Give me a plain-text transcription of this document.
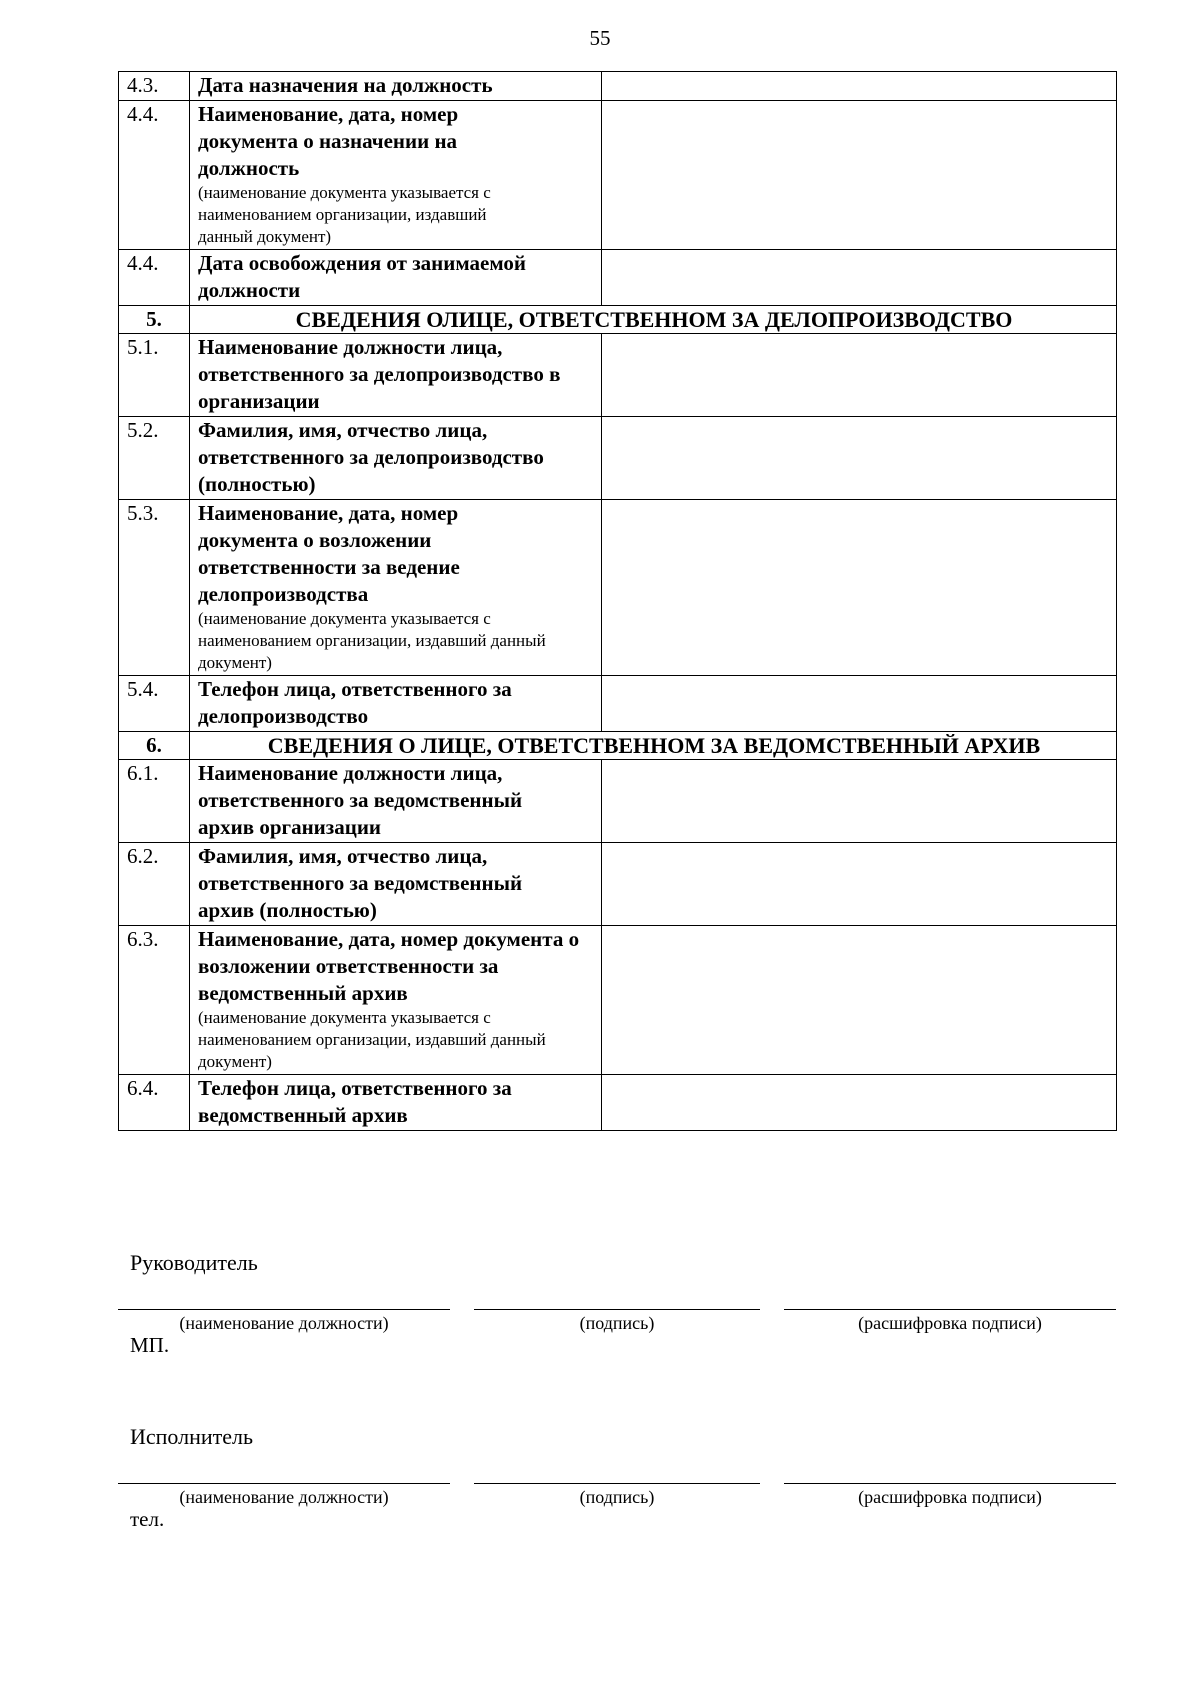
55
4.3.	Дата назначения на должность	

4.4.	Наименование, дата, номер документа о назначении на должность
(наименование документа указывается с наименованием организации, издавший данный документ)	

4.4.	Дата освобождения от занимаемой должности	

5.	СВЕДЕНИЯ ОЛИЦЕ, ОТВЕТСТВЕННОМ ЗА ДЕЛОПРОИЗВОДСТВО	
5.1.	Наименование должности лица, ответственного за делопроизводство в организации	

5.2.	Фамилия, имя, отчество лица, ответственного за делопроизводство (полностью)	

5.3.	Наименование, дата, номер документа о возложении ответственности за ведение делопроизводства
(наименование документа указывается с наименованием организации, издавший данный документ)	

5.4.	Телефон лица, ответственного за делопроизводство	

6.	СВЕДЕНИЯ О ЛИЦЕ, ОТВЕТСТВЕННОМ ЗА ВЕДОМСТВЕННЫЙ АРХИВ	
6.1.	Наименование должности лица, ответственного за ведомственный архив организации	

6.2.	Фамилия, имя, отчество лица, ответственного за ведомственный архив (полностью)	

6.3.	Наименование, дата, номер документа о возложении ответственности за ведомственный архив
(наименование документа указывается с наименованием организации, издавший данный документ)	

6.4.	Телефон лица, ответственного за ведомственный архив	

Руководитель
(наименование должности)	(подпись)	(расшифровка подписи)
МП.
Исполнитель
(наименование должности)	(подпись)	(расшифровка подписи)
тел.
